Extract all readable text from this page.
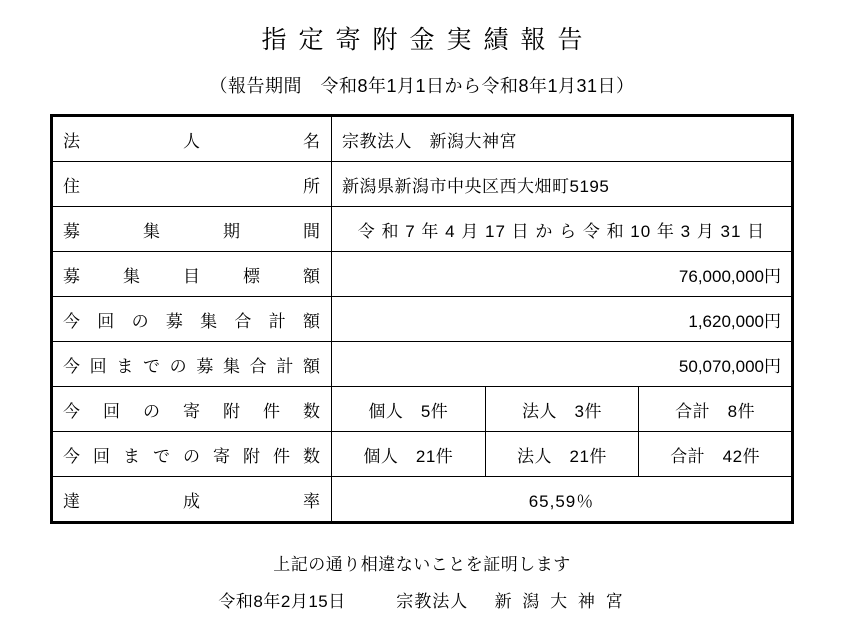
指定寄附金実績報告
（報告期間　令和8年1月1日から令和8年1月31日）
法人名	宗教法人　新潟大神宮		
住所	新潟県新潟市中央区西大畑町5195		
募集期間	令 和 7 年 4 月 17 日 か ら 令 和 10 年 3 月 31 日		
募集目標額	76,000,000円		
今 回 の 募 集 合 計 額	1,620,000円		
今回までの募集合計額	50,070,000円		
今 回 の 寄 附 件 数	個人　5件	法人　3件	合計　8件
今回までの寄附件数	個人　21件	法人　21件	合計　42件
達成率	65,59％		
上記の通り相違ないことを証明します
令和8年2月15日	宗教法人 新 潟 大 神 宮
